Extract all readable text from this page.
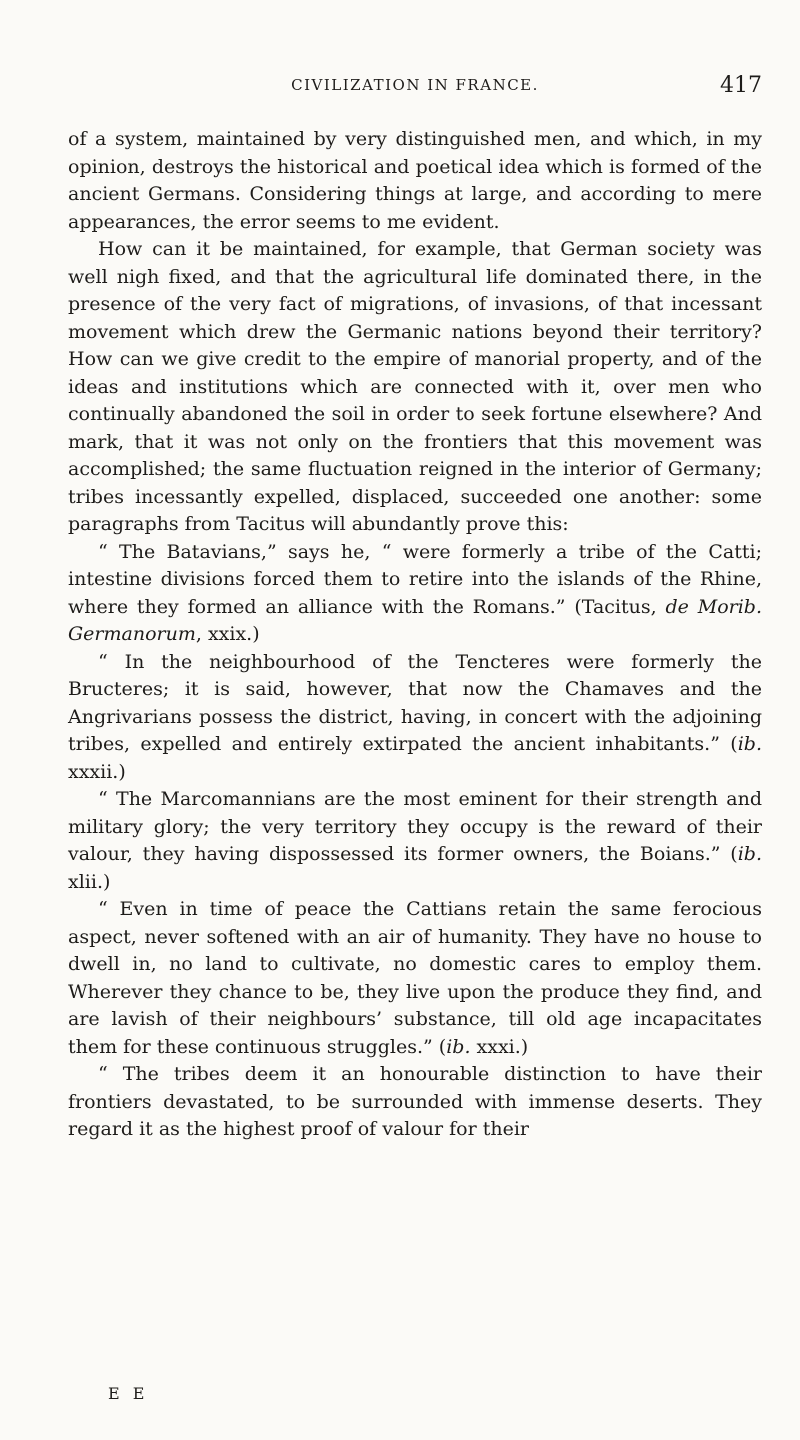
CIVILIZATION IN FRANCE.	417

of a system, maintained by very distinguished men, and which, in my opinion, destroys the historical and poetical idea which is formed of the ancient Germans. Considering things at large, and according to mere appearances, the error seems to me evident.

How can it be maintained, for example, that German society was well nigh fixed, and that the agricultural life dominated there, in the presence of the very fact of migrations, of invasions, of that incessant movement which drew the Germanic nations beyond their territory? How can we give credit to the empire of manorial property, and of the ideas and institutions which are connected with it, over men who continually abandoned the soil in order to seek fortune elsewhere? And mark, that it was not only on the frontiers that this movement was accomplished; the same fluctuation reigned in the interior of Germany; tribes incessantly expelled, displaced, succeeded one another: some paragraphs from Tacitus will abundantly prove this:

“ The Batavians,” says he, “ were formerly a tribe of the Catti; intestine divisions forced them to retire into the islands of the Rhine, where they formed an alliance with the Romans.” (Tacitus, de Morib. Germanorum, xxix.)

“ In the neighbourhood of the Tencteres were formerly the Bructeres; it is said, however, that now the Chamaves and the Angrivarians possess the district, having, in concert with the adjoining tribes, expelled and entirely extirpated the ancient inhabitants.” (ib. xxxii.)

“ The Marcomannians are the most eminent for their strength and military glory; the very territory they occupy is the reward of their valour, they having dispossessed its former owners, the Boians.” (ib. xlii.)

“ Even in time of peace the Cattians retain the same ferocious aspect, never softened with an air of humanity. They have no house to dwell in, no land to cultivate, no domestic cares to employ them. Wherever they chance to be, they live upon the produce they find, and are lavish of their neighbours’ substance, till old age incapacitates them for these continuous struggles.” (ib. xxxi.)

“ The tribes deem it an honourable distinction to have their frontiers devastated, to be surrounded with immense deserts. They regard it as the highest proof of valour for their

E E
